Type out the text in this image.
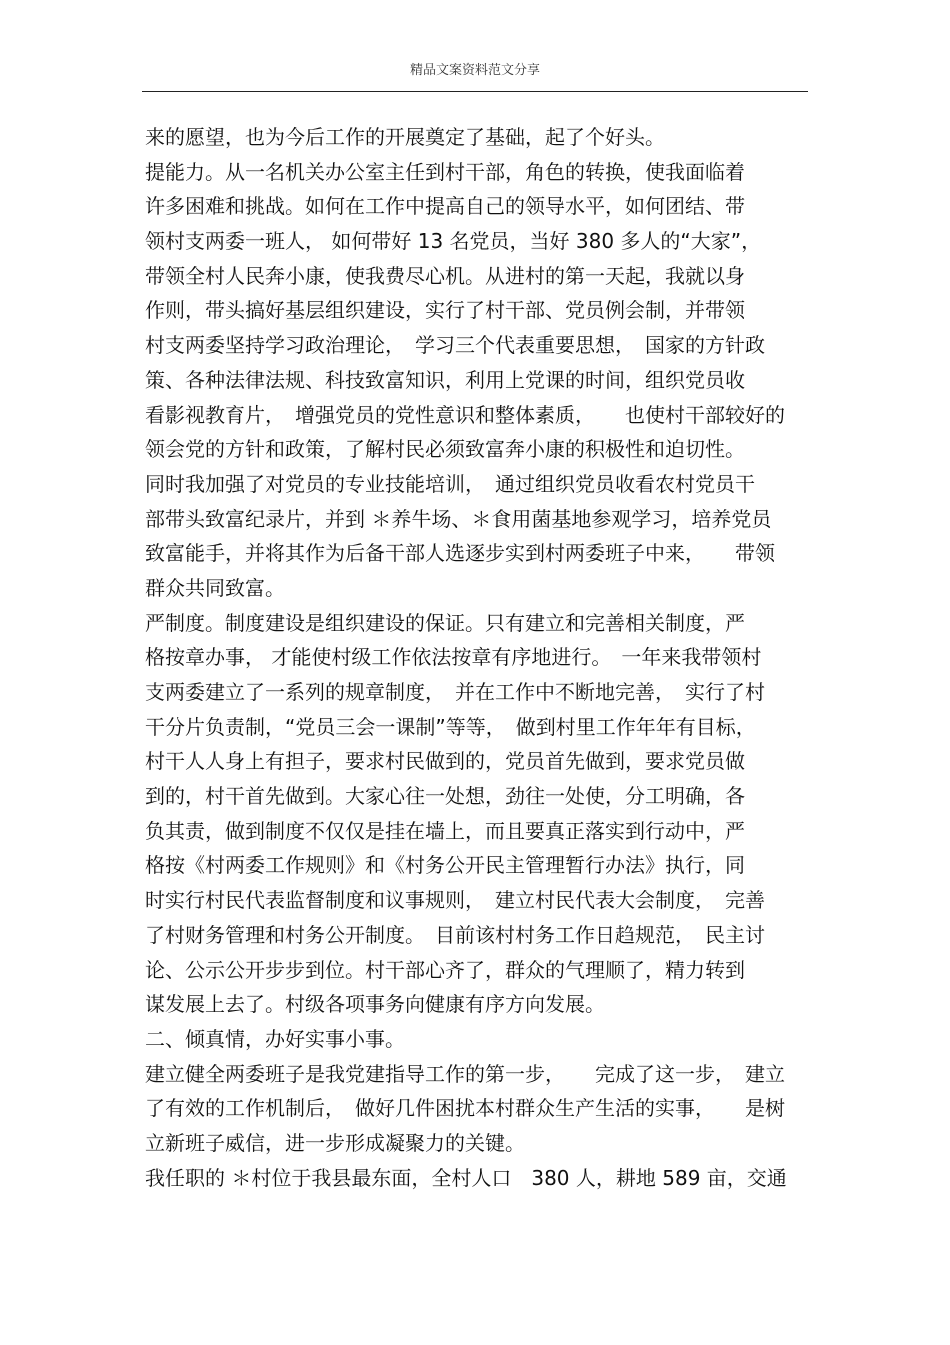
精品文案资料范文分享
来的愿望，也为今后工作的开展奠定了基础，起了个好头。
提能力。从一名机关办公室主任到村干部，角色的转换，使我面临着
许多困难和挑战。如何在工作中提高自己的领导水平，如何团结、带
领村支两委一班人， 如何带好 13 名党员，当好 380 多人的“大家”，
带领全村人民奔小康，使我费尽心机。从进村的第一天起，我就以身
作则，带头搞好基层组织建设，实行了村干部、党员例会制，并带领
村支两委坚持学习政治理论，　学习三个代表重要思想，　国家的方针政
策、各种法律法规、科技致富知识，利用上党课的时间，组织党员收
看影视教育片，　增强党员的党性意识和整体素质，　　也使村干部较好的
领会党的方针和政策，了解村民必须致富奔小康的积极性和迫切性。
同时我加强了对党员的专业技能培训，　通过组织党员收看农村党员干
部带头致富纪录片，并到 ＊养牛场、＊食用菌基地参观学习，培养党员
致富能手，并将其作为后备干部人选逐步实到村两委班子中来，　　带领
群众共同致富。
严制度。制度建设是组织建设的保证。只有建立和完善相关制度，严
格按章办事， 才能使村级工作依法按章有序地进行。　一年来我带领村
支两委建立了一系列的规章制度，　并在工作中不断地完善，　实行了村
干分片负责制，“党员三会一课制”等等，　做到村里工作年年有目标，
村干人人身上有担子，要求村民做到的，党员首先做到，要求党员做
到的，村干首先做到。大家心往一处想，劲往一处使，分工明确，各
负其责，做到制度不仅仅是挂在墙上，而且要真正落实到行动中，严
格按《村两委工作规则》和《村务公开民主管理暂行办法》执行，同
时实行村民代表监督制度和议事规则，　建立村民代表大会制度，　完善
了村财务管理和村务公开制度。　目前该村村务工作日趋规范，　民主讨
论、公示公开步步到位。村干部心齐了，群众的气理顺了，精力转到
谋发展上去了。村级各项事务向健康有序方向发展。
二、倾真情，办好实事小事。
建立健全两委班子是我党建指导工作的第一步，　　完成了这一步，　建立
了有效的工作机制后，　做好几件困扰本村群众生产生活的实事，　　是树
立新班子威信，进一步形成凝聚力的关键。
我任职的 ＊村位于我县最东面，全村人口　380 人，耕地 589 亩，交通
